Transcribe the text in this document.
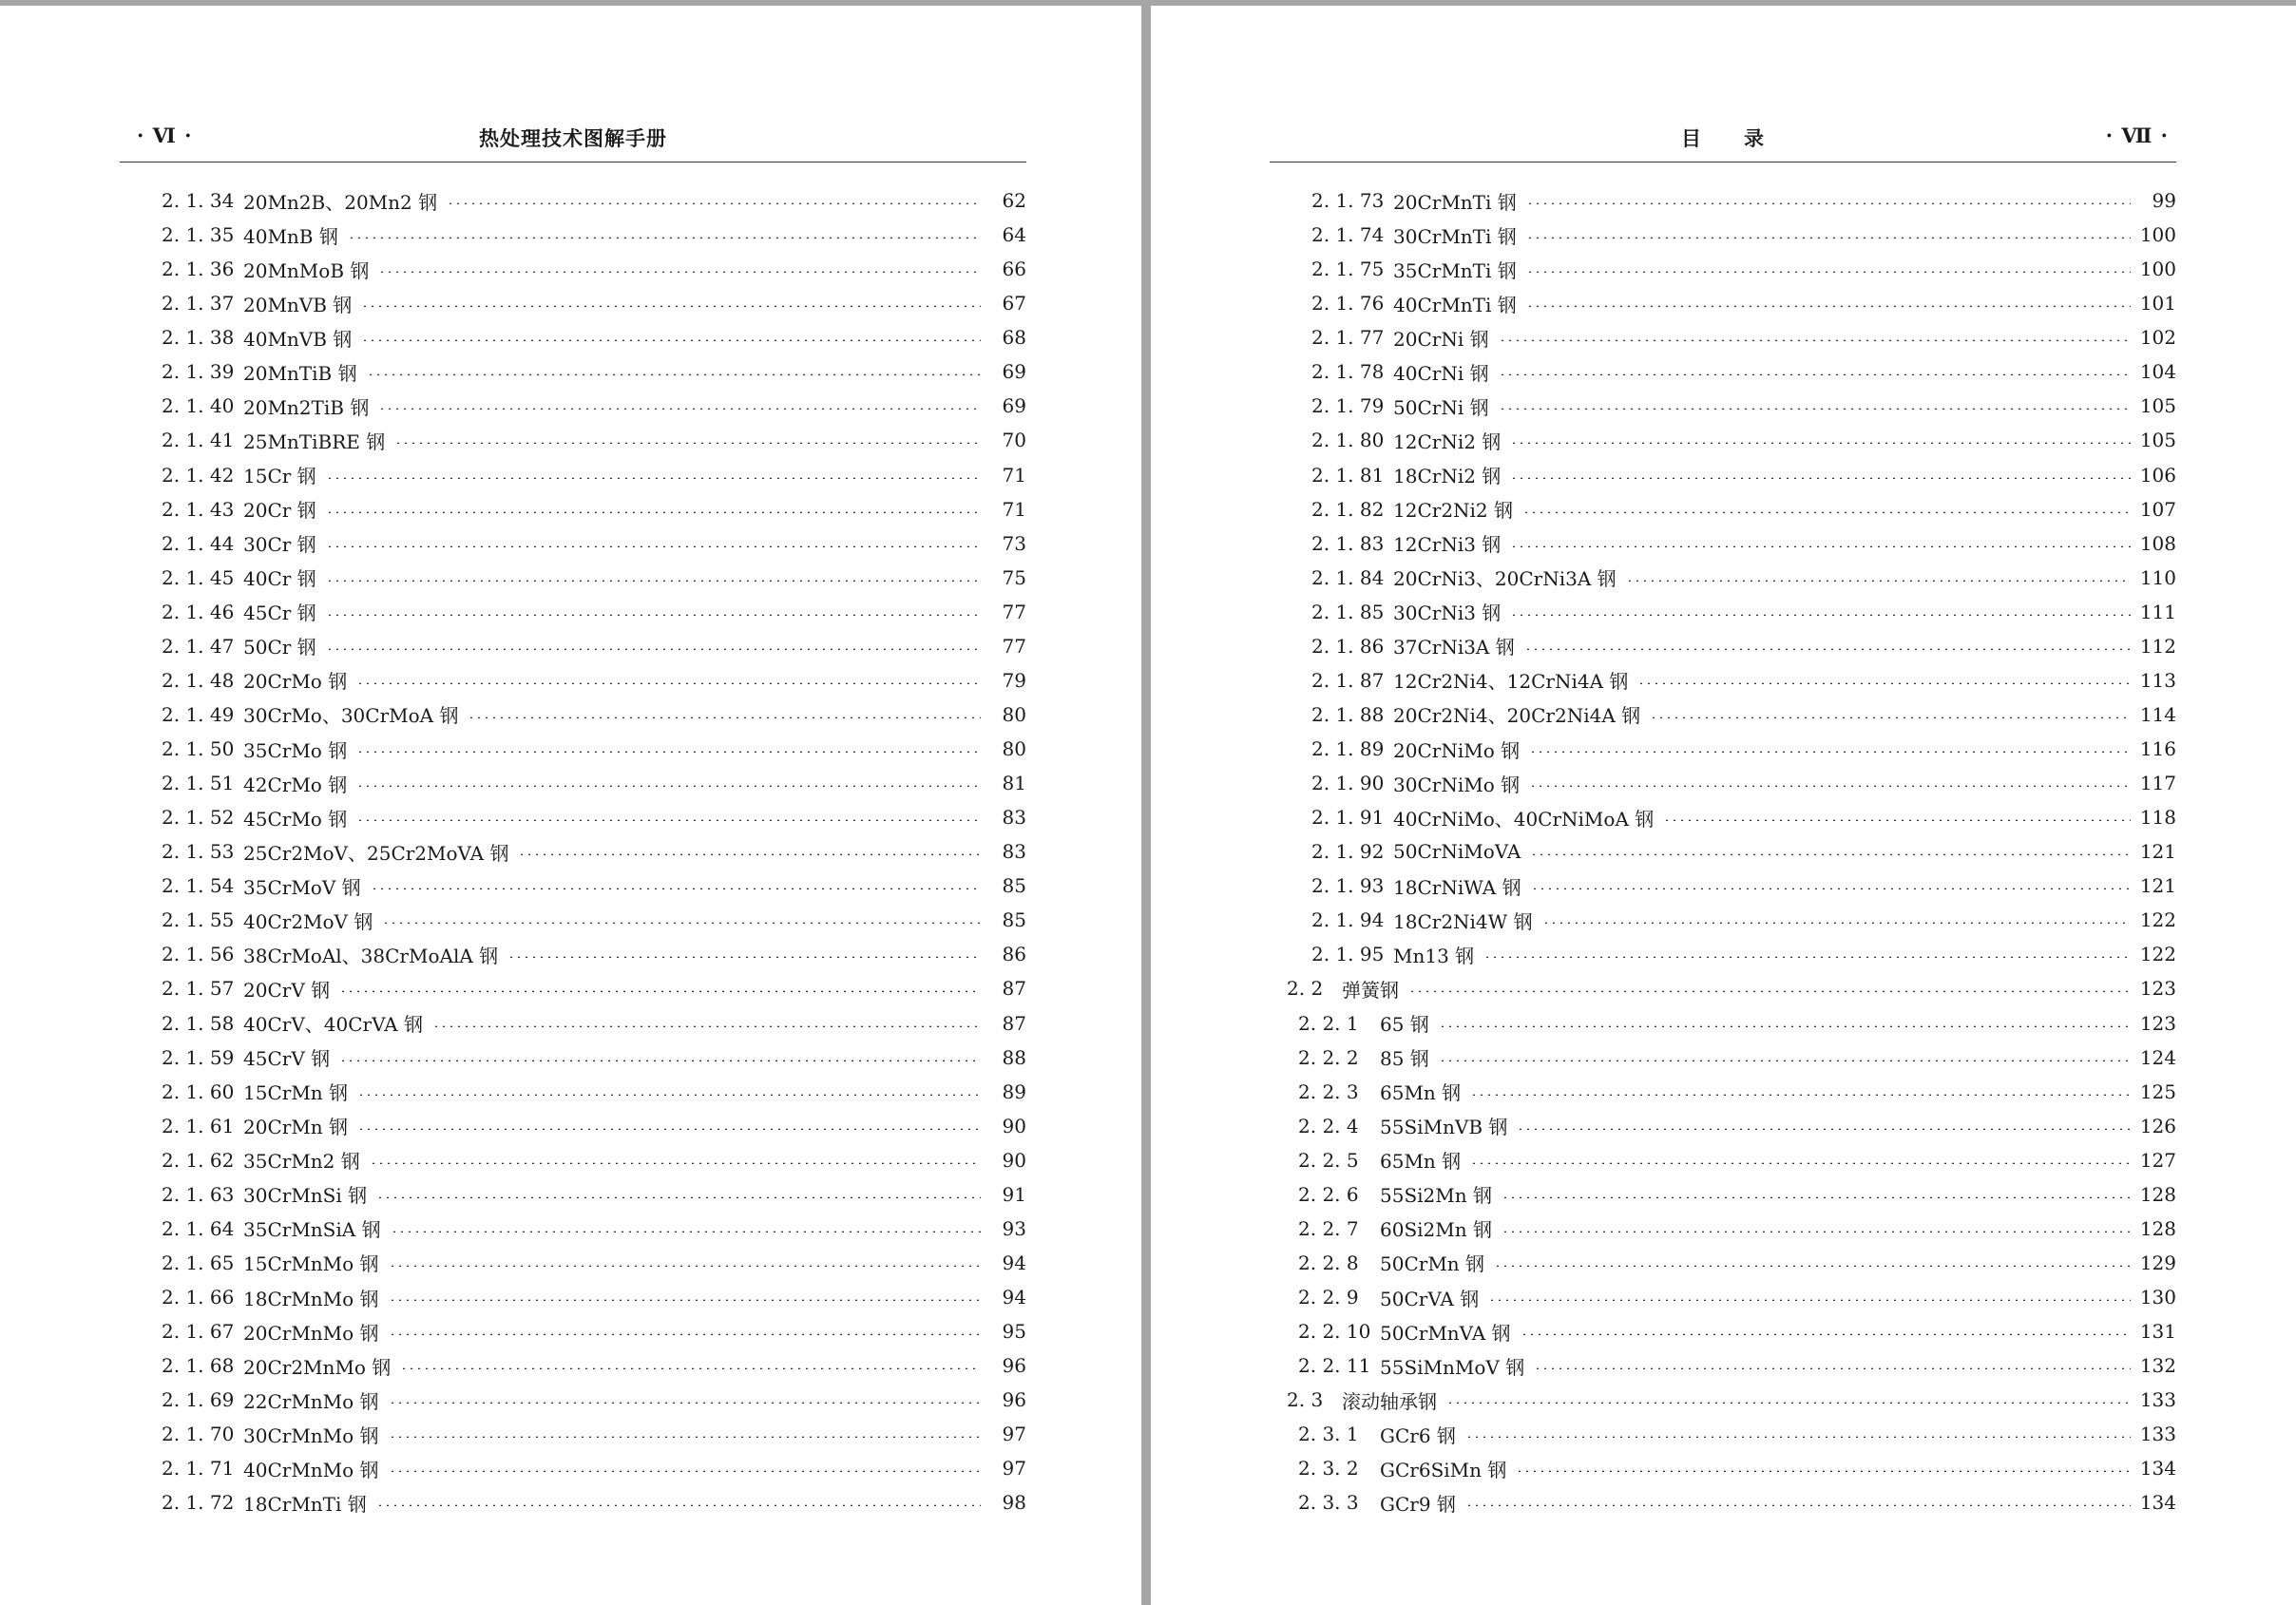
· Ⅵ ·	热处理技术图解手册
2. 1. 34 20Mn2B、20Mn2 钢	62
2. 1. 35 40MnB 钢	64
2. 1. 36 20MnMoB 钢	66
2. 1. 37 20MnVB 钢	67
2. 1. 38 40MnVB 钢	68
2. 1. 39 20MnTiB 钢	69
2. 1. 40 20Mn2TiB 钢	69
2. 1. 41 25MnTiBRE 钢	70
2. 1. 42 15Cr 钢	71
2. 1. 43 20Cr 钢	71
2. 1. 44 30Cr 钢	73
2. 1. 45 40Cr 钢	75
2. 1. 46 45Cr 钢	77
2. 1. 47 50Cr 钢	77
2. 1. 48 20CrMo 钢	79
2. 1. 49 30CrMo、30CrMoA 钢	80
2. 1. 50 35CrMo 钢	80
2. 1. 51 42CrMo 钢	81
2. 1. 52 45CrMo 钢	83
2. 1. 53 25Cr2MoV、25Cr2MoVA 钢	83
2. 1. 54 35CrMoV 钢	85
2. 1. 55 40Cr2MoV 钢	85
2. 1. 56 38CrMoAl、38CrMoAlA 钢	86
2. 1. 57 20CrV 钢	87
2. 1. 58 40CrV、40CrVA 钢	87
2. 1. 59 45CrV 钢	88
2. 1. 60 15CrMn 钢	89
2. 1. 61 20CrMn 钢	90
2. 1. 62 35CrMn2 钢	90
2. 1. 63 30CrMnSi 钢	91
2. 1. 64 35CrMnSiA 钢	93
2. 1. 65 15CrMnMo 钢	94
2. 1. 66 18CrMnMo 钢	94
2. 1. 67 20CrMnMo 钢	95
2. 1. 68 20Cr2MnMo 钢	96
2. 1. 69 22CrMnMo 钢	96
2. 1. 70 30CrMnMo 钢	97
2. 1. 71 40CrMnMo 钢	97
2. 1. 72 18CrMnTi 钢	98
目　　录	· Ⅶ ·
2. 1. 73 20CrMnTi 钢	99
2. 1. 74 30CrMnTi 钢	100
2. 1. 75 35CrMnTi 钢	100
2. 1. 76 40CrMnTi 钢	101
2. 1. 77 20CrNi 钢	102
2. 1. 78 40CrNi 钢	104
2. 1. 79 50CrNi 钢	105
2. 1. 80 12CrNi2 钢	105
2. 1. 81 18CrNi2 钢	106
2. 1. 82 12Cr2Ni2 钢	107
2. 1. 83 12CrNi3 钢	108
2. 1. 84 20CrNi3、20CrNi3A 钢	110
2. 1. 85 30CrNi3 钢	111
2. 1. 86 37CrNi3A 钢	112
2. 1. 87 12Cr2Ni4、12CrNi4A 钢	113
2. 1. 88 20Cr2Ni4、20Cr2Ni4A 钢	114
2. 1. 89 20CrNiMo 钢	116
2. 1. 90 30CrNiMo 钢	117
2. 1. 91 40CrNiMo、40CrNiMoA 钢	118
2. 1. 92 50CrNiMoVA	121
2. 1. 93 18CrNiWA 钢	121
2. 1. 94 18Cr2Ni4W 钢	122
2. 1. 95 Mn13 钢	122
2. 2 弹簧钢	123
2. 2. 1	65 钢	123
2. 2. 2	85 钢	124
2. 2. 3	65Mn 钢	125
2. 2. 4	55SiMnVB 钢	126
2. 2. 5	65Mn 钢	127
2. 2. 6	55Si2Mn 钢	128
2. 2. 7	60Si2Mn 钢	128
2. 2. 8	50CrMn 钢	129
2. 2. 9	50CrVA 钢	130
2. 2. 10 50CrMnVA 钢	131
2. 2. 11 55SiMnMoV 钢	132
2. 3 滚动轴承钢	133
2. 3. 1	GCr6 钢	133
2. 3. 2	GCr6SiMn 钢	134
2. 3. 3	GCr9 钢	134
